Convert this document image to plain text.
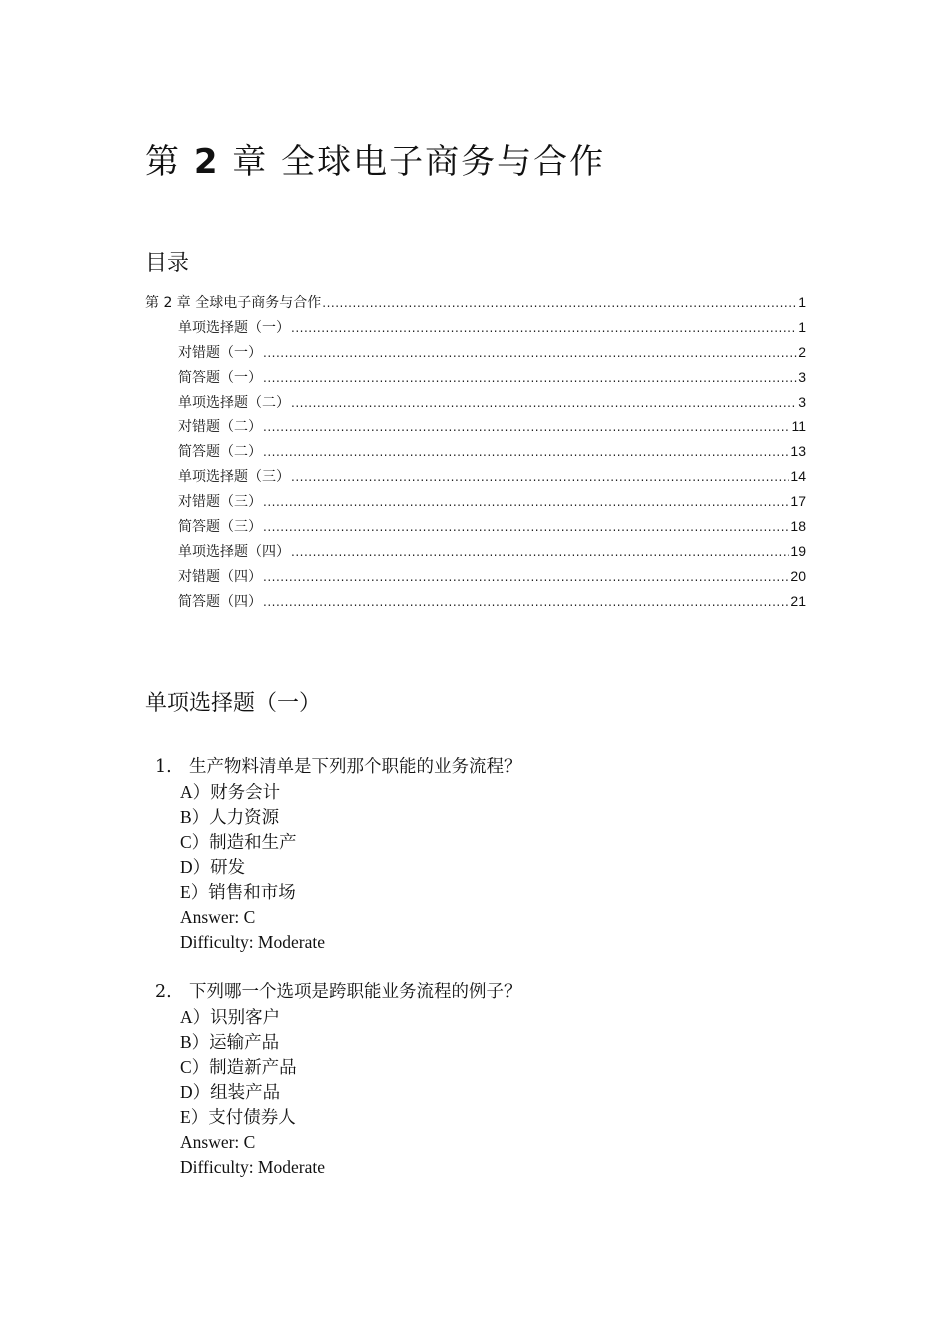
第 2 章 全球电子商务与合作
目录
第 2 章 全球电子商务与合作 .....	1
单项选择题（一） .....	1
对错题（一） .....	2
简答题（一） .....	3
单项选择题（二） .....	3
对错题（二） .....	11
简答题（二） .....	13
单项选择题（三） .....	14
对错题（三） .....	17
简答题（三） .....	18
单项选择题（四） .....	19
对错题（四） .....	20
简答题（四） .....	21
单项选择题（一）
1. 生产物料清单是下列那个职能的业务流程？
A）财务会计
B）人力资源
C）制造和生产
D）研发
E）销售和市场
Answer: C
Difficulty: Moderate
2. 下列哪一个选项是跨职能业务流程的例子？
A）识别客户
B）运输产品
C）制造新产品
D）组装产品
E）支付债券人
Answer: C
Difficulty: Moderate
